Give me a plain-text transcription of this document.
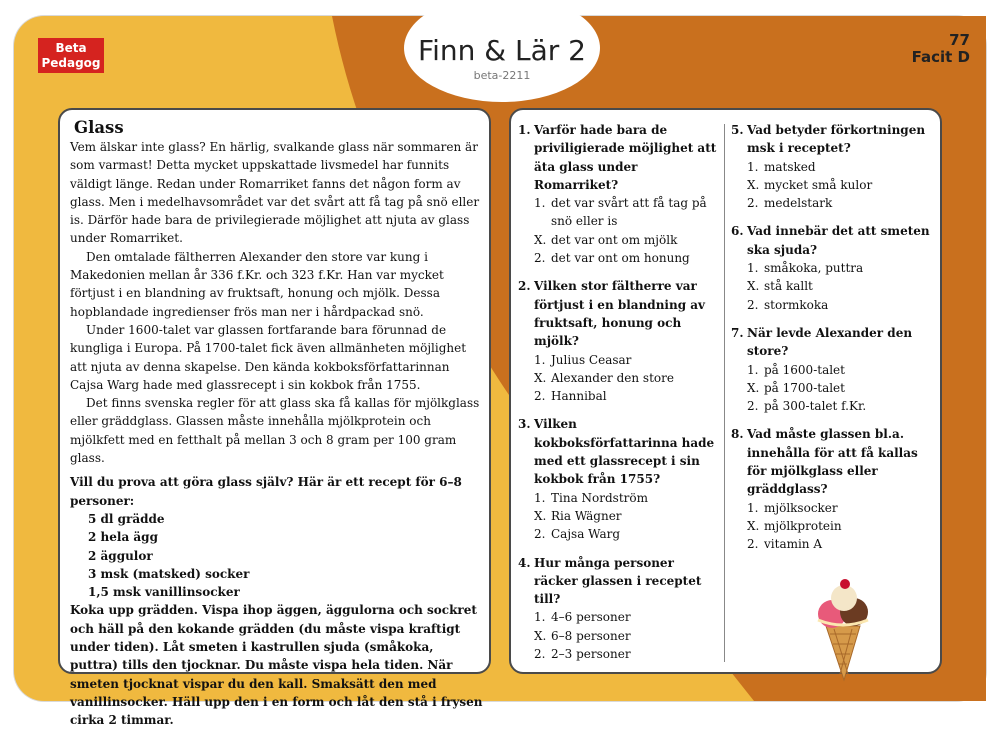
Beta
Pedagog	Finn & Lär 2
beta-2211
77
Facit D
Glass

Vem älskar inte glass? En härlig, svalkande glass när sommaren är som varmast! Detta mycket uppskattade livsmedel har funnits väldigt länge. Redan under Romarriket fanns det någon form av glass. Men i medelhavsområdet var det svårt att få tag på snö eller is. Därför hade bara de privilegierade möjlighet att njuta av glass under Romarriket.

Den omtalade fältherren Alexander den store var kung i Makedonien mellan år 336 f.Kr. och 323 f.Kr. Han var mycket förtjust i en blandning av fruktsaft, honung och mjölk. Dessa hopblandade ingredienser frös man ner i hårdpackad snö.

Under 1600-talet var glassen fortfarande bara förunnad de kungliga i Europa. På 1700-talet fick även allmänheten möjlighet att njuta av denna skapelse. Den kända kokboksförfattarinnan Cajsa Warg hade med glassrecept i sin kokbok från 1755.

Det finns svenska regler för att glass ska få kallas för mjölkglass eller gräddglass. Glassen måste innehålla mjölkprotein och mjölkfett med en fetthalt på mellan 3 och 8 gram per 100 gram glass.

Vill du prova att göra glass själv? Här är ett recept för 6–8 personer:

5 dl grädde

2 hela ägg

2 äggulor

3 msk (matsked) socker

1,5 msk vanillinsocker

Koka upp grädden. Vispa ihop äggen, äggulorna och sockret och häll på den kokande grädden (du måste vispa kraftigt under tiden). Låt smeten i kastrullen sjuda (småkoka, puttra) tills den tjocknar. Du måste vispa hela tiden. När smeten tjocknat vispar du den kall. Smaksätt den med vanillinsocker. Häll upp den i en form och låt den stå i frysen cirka 2 timmar.

1. Varför hade bara de priviligierade möjlighet att äta glass under Romarriket?
1. det var svårt att få tag på snö eller is
X. det var ont om mjölk
2. det var ont om honung
2. Vilken stor fältherre var förtjust i en blandning av fruktsaft, honung och mjölk?
1. Julius Ceasar
X. Alexander den store
2. Hannibal
3. Vilken kokboksförfattarinna hade med ett glassrecept i sin kokbok från 1755?
1. Tina Nordström
X. Ria Wägner
2. Cajsa Warg
4. Hur många personer räcker glassen i receptet till?
1. 4–6 personer
X. 6–8 personer
2. 2–3 personer
5. Vad betyder förkortningen msk i receptet?
1. matsked
X. mycket små kulor
2. medelstark
6. Vad innebär det att smeten ska sjuda?
1. småkoka, puttra
X. stå kallt
2. stormkoka
7. När levde Alexander den store?
1. på 1600-talet
X. på 1700-talet
2. på 300-talet f.Kr.
8. Vad måste glassen bl.a. innehålla för att få kallas för mjölkglass eller gräddglass?
1. mjölksocker
X. mjölkprotein
2. vitamin A
